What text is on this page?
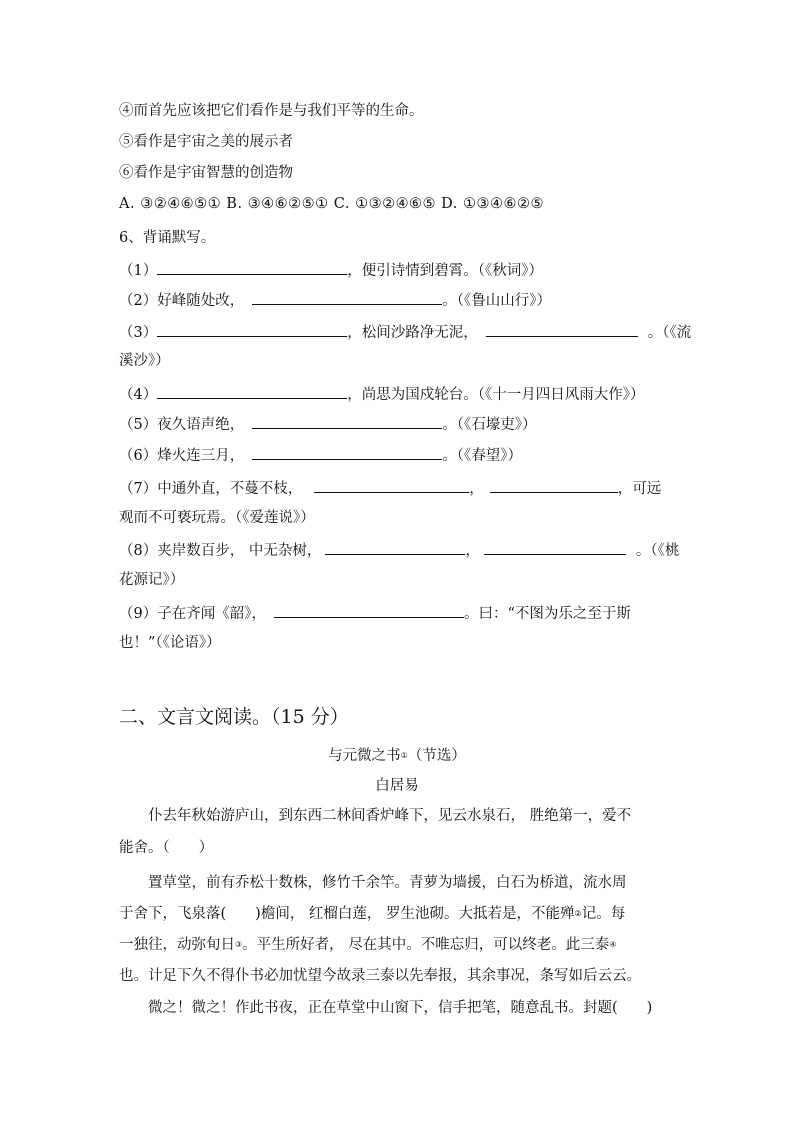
④而首先应该把它们看作是与我们平等的生命。
⑤看作是宇宙之美的展示者
⑥看作是宇宙智慧的创造物
A. ③②④⑥⑤① B. ③④⑥②⑤① C. ①③②④⑥⑤ D. ①③④⑥②⑤
6、背诵默写。
（1）	，便引诗情到碧霄。（《秋词》）
（2）好峰随处改，	。（《鲁山山行》）
（3）	，松间沙路净无泥，	。（《流
溪沙》）
（4）	，尚思为国戍轮台。（《十一月四日风雨大作》）
（5）夜久语声绝，	。（《石壕吏》）
（6）烽火连三月，	。（《春望》）
（7）中通外直，不蔓不枝，	，	，可远
观而不可亵玩焉。（《爱莲说》）
（8）夹岸数百步， 中无杂树，	，	。（《桃
花源记》）
（9）子在齐闻《韶》，	。曰：“不图为乐之至于斯
也！”（《论语》）
二、文言文阅读。（15 分）
与元微之书①（节选）
白居易
仆去年秋始游庐山，到东西二林间香炉峰下，见云水泉石， 胜绝第一，爱不
能舍。（　　）
置草堂，前有乔松十数株，修竹千余竿。青萝为墙援，白石为桥道，流水周
于舍下，飞泉落(　　)檐间， 红榴白莲， 罗生池砌。大抵若是，不能殚②记。每
一独往，动弥旬日③。平生所好者， 尽在其中。不唯忘归，可以终老。此三泰④
也。计足下久不得仆书必加忧望今故录三泰以先奉报，其余事况，条写如后云云。
微之！微之！作此书夜，正在草堂中山窗下，信手把笔，随意乱书。封题(　　)
